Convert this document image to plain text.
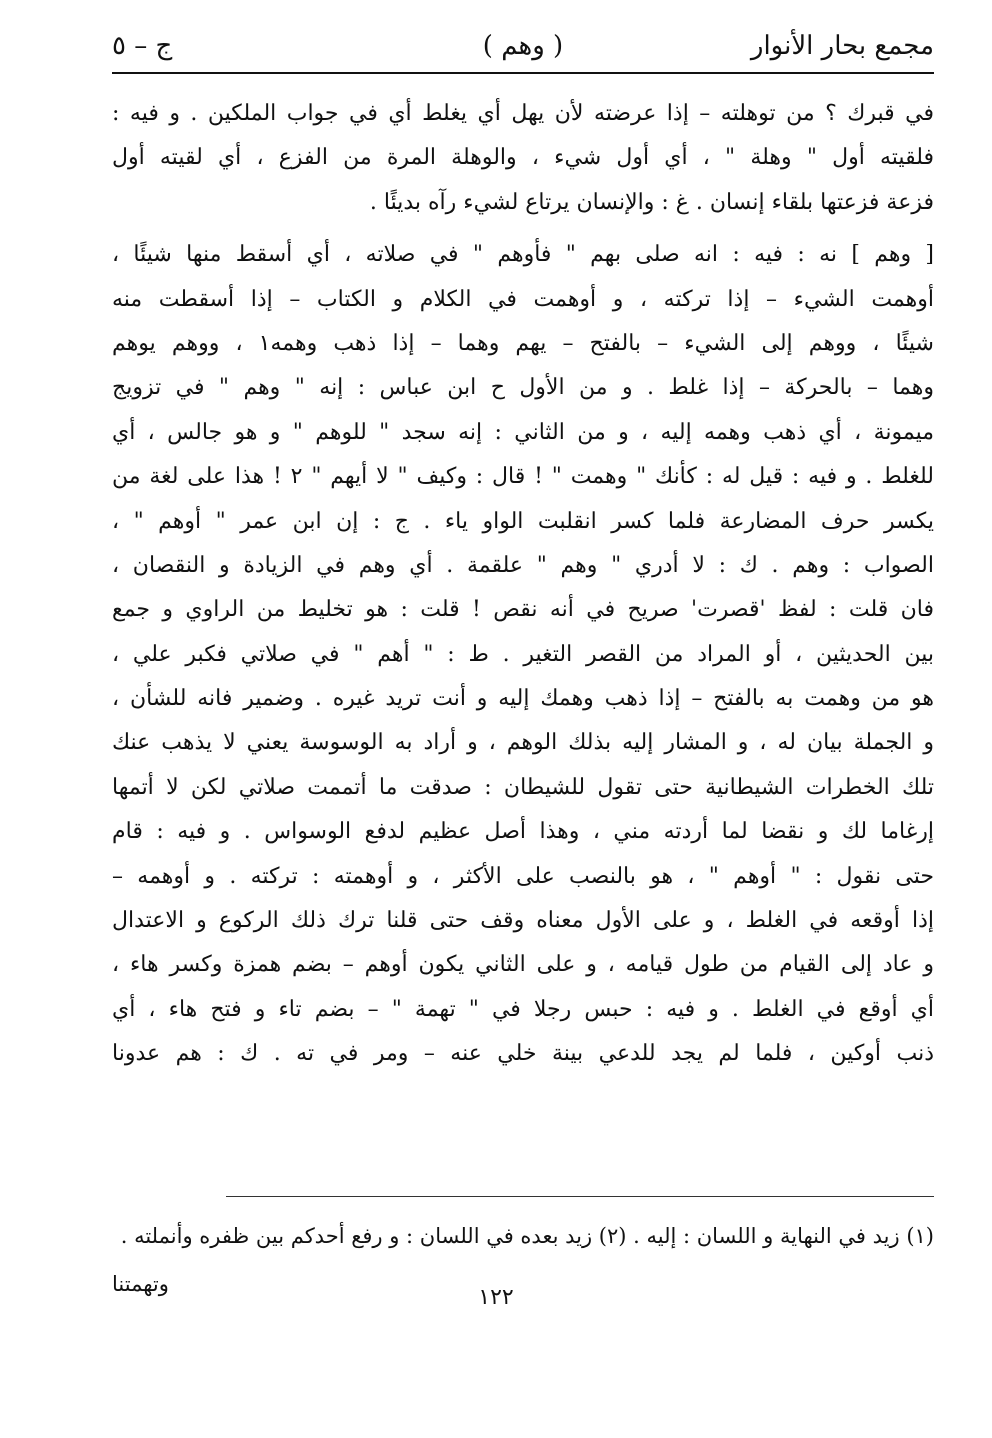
مجمع بحار الأنوار
( وهم )
ج – ٥
في قبرك ؟ من توهلته – إذا عرضته لأن يهل أي يغلط أي في جواب الملكين . و فيه :
فلقيته أول " وهلة " ، أي أول شيء ، والوهلة المرة من الفزع ، أي لقيته أول
فزعة فزعتها بلقاء إنسان . غ : والإنسان يرتاع لشيء رآه بديئًا .
[ وهم ] نه : فيه : انه صلى بهم " فأوهم " في صلاته ، أي أسقط منها شيئًا ،
أوهمت الشيء – إذا تركته ، و أوهمت في الكلام و الكتاب – إذا أسقطت منه
شيئًا ، ووهم إلى الشيء – بالفتح – يهم وهما – إذا ذهب وهمه١ ، ووهم يوهم
وهما – بالحركة – إذا غلط . و من الأول ح ابن عباس : إنه " وهم " في تزويج
ميمونة ، أي ذهب وهمه إليه ، و من الثاني : إنه سجد " للوهم " و هو جالس ، أي
للغلط . و فيه : قيل له : كأنك " وهمت " ! قال : وكيف " لا أيهم " ٢ ! هذا على لغة من
يكسر حرف المضارعة فلما كسر انقلبت الواو ياء . ج : إن ابن عمر " أوهم " ،
الصواب : وهم . ك : لا أدري " وهم " علقمة . أي وهم في الزيادة و النقصان ،
فان قلت : لفظ 'قصرت' صريح في أنه نقص ! قلت : هو تخليط من الراوي و جمع
بين الحديثين ، أو المراد من القصر التغير . ط : " أهم " في صلاتي فكبر علي ،
هو من وهمت به بالفتح – إذا ذهب وهمك إليه و أنت تريد غيره . وضمير فانه للشأن ،
و الجملة بيان له ، و المشار إليه بذلك الوهم ، و أراد به الوسوسة يعني لا يذهب عنك
تلك الخطرات الشيطانية حتى تقول للشيطان : صدقت ما أتممت صلاتي لكن لا أتمها
إرغاما لك و نقضا لما أردته مني ، وهذا أصل عظيم لدفع الوسواس . و فيه : قام
حتى نقول : " أوهم " ، هو بالنصب على الأكثر ، و أوهمته : تركته . و أوهمه –
إذا أوقعه في الغلط ، و على الأول معناه وقف حتى قلنا ترك ذلك الركوع و الاعتدال
و عاد إلى القيام من طول قيامه ، و على الثاني يكون أوهم – بضم همزة وكسر هاء ،
أي أوقع في الغلط . و فيه : حبس رجلا في " تهمة " – بضم تاء و فتح هاء ، أي
ذنب أوكين ، فلما لم يجد للدعي بينة خلي عنه – ومر في ته . ك : هم عدونا
(١) زيد في النهاية و اللسان : إليه . (٢) زيد بعده في اللسان : و رفع أحدكم بين ظفره وأنملته .
وتهمتنا
١٢٢
